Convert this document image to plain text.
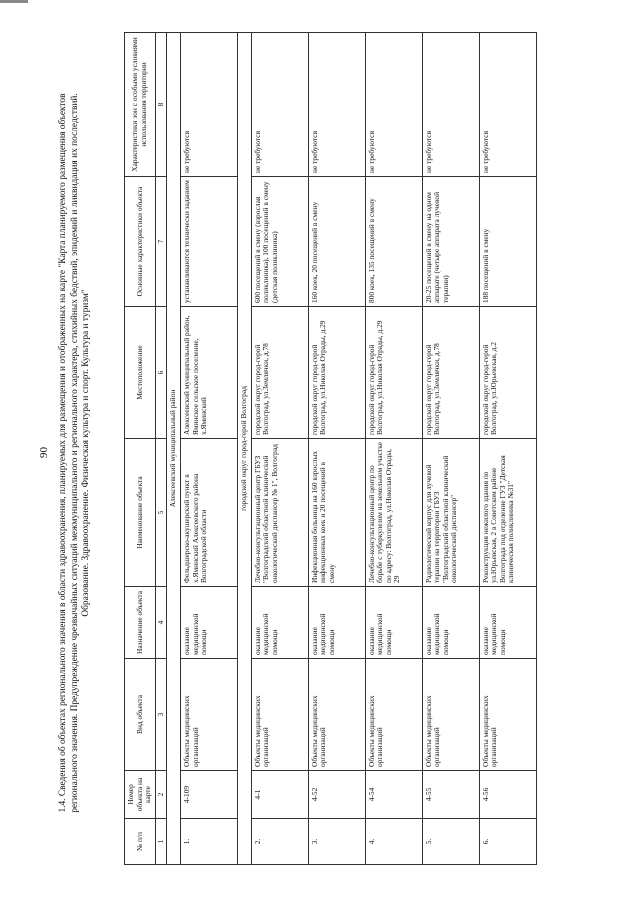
90 1.4. Сведения об объектах регионального значения в области здравоохранения, планируемых для размещения и отображенных на карте "Карта планируемого размещения объектов регионального значения. Предупреждение чрезвычайных ситуаций межмуниципального и регионального характера, стихийных бедствий, эпидемий и ликвидация их последствий. Образование. Здравоохранение. Физическая культура и спорт. Культура и туризм"
№ п/п	Номер объекта на карте	Вид объекта	Назначение объекта	Наименование объекта	Местоположение	Основные характеристики объекта	Характеристики зон с особыми условиями использования территории
1	2	3	4	5	6	7	8
Алексеевский муниципальный район							
1.	4-109	Объекты медицинских организаций	оказание медицинской помощи	Фельдшерско-акушерский пункт в х.Яминский Алексеевского района Волгоградской области	Алексеевский муниципальный район, Яминское сельское поселение, х.Яминский	устанавливаются технически заданием	не требуются
городской округ город-герой Волгоград							
2.	4-1	Объекты медицинских организаций	оказание медицинской помощи	Лечебно-консультационный центр ГБУЗ "Волгоградский областной клинический онкологический диспансер № 1", Волгоград	городской округ город-герой Волгоград, ул.Землячки, д.78	600 посещений в смену (взрослая поликлиника), 100 посещений в смену (детская поликлиника)	не требуются
3.	4-52	Объекты медицинских организаций	оказание медицинской помощи	Инфекционная больница на 160 взрослых инфекционных коек и 20 посещений в смену	городской округ город-герой Волгоград, ул.Николая Отрады, д.29	160 коек, 20 посещений в смену	не требуются
4.	4-54	Объекты медицинских организаций	оказание медицинской помощи	Лечебно-консультационный центр по борьбе с туберкулезом на земельном участке по адресу: Волгоград, ул.Николая Отрады, 29	городской округ город-герой Волгоград, ул.Николая Отрады, д.29	800 коек, 135 посещений в смену	не требуются
5.	4-55	Объекты медицинских организаций	оказание медицинской помощи	Радиологический корпус для лучевой терапии на территории ГБУЗ "Волгоградский областной клинический онкологический диспансер"	городской округ город-герой Волгоград, ул.Землячки, д.78	20-25 посещений в смену на одном аппарате (четыре аппарата лучевой терапии)	не требуются
6.	4-56	Объекты медицинских организаций	оказание медицинской помощи	Реконструкция нежилого здания по ул.Юрьевская, 2 в Советском районе Волгограда под отделение ГУЗ "Детская клиническая поликлиника №31"	городской округ город-герой Волгоград, ул.Юрьевская, д.2	188 посещений в смену	не требуются
